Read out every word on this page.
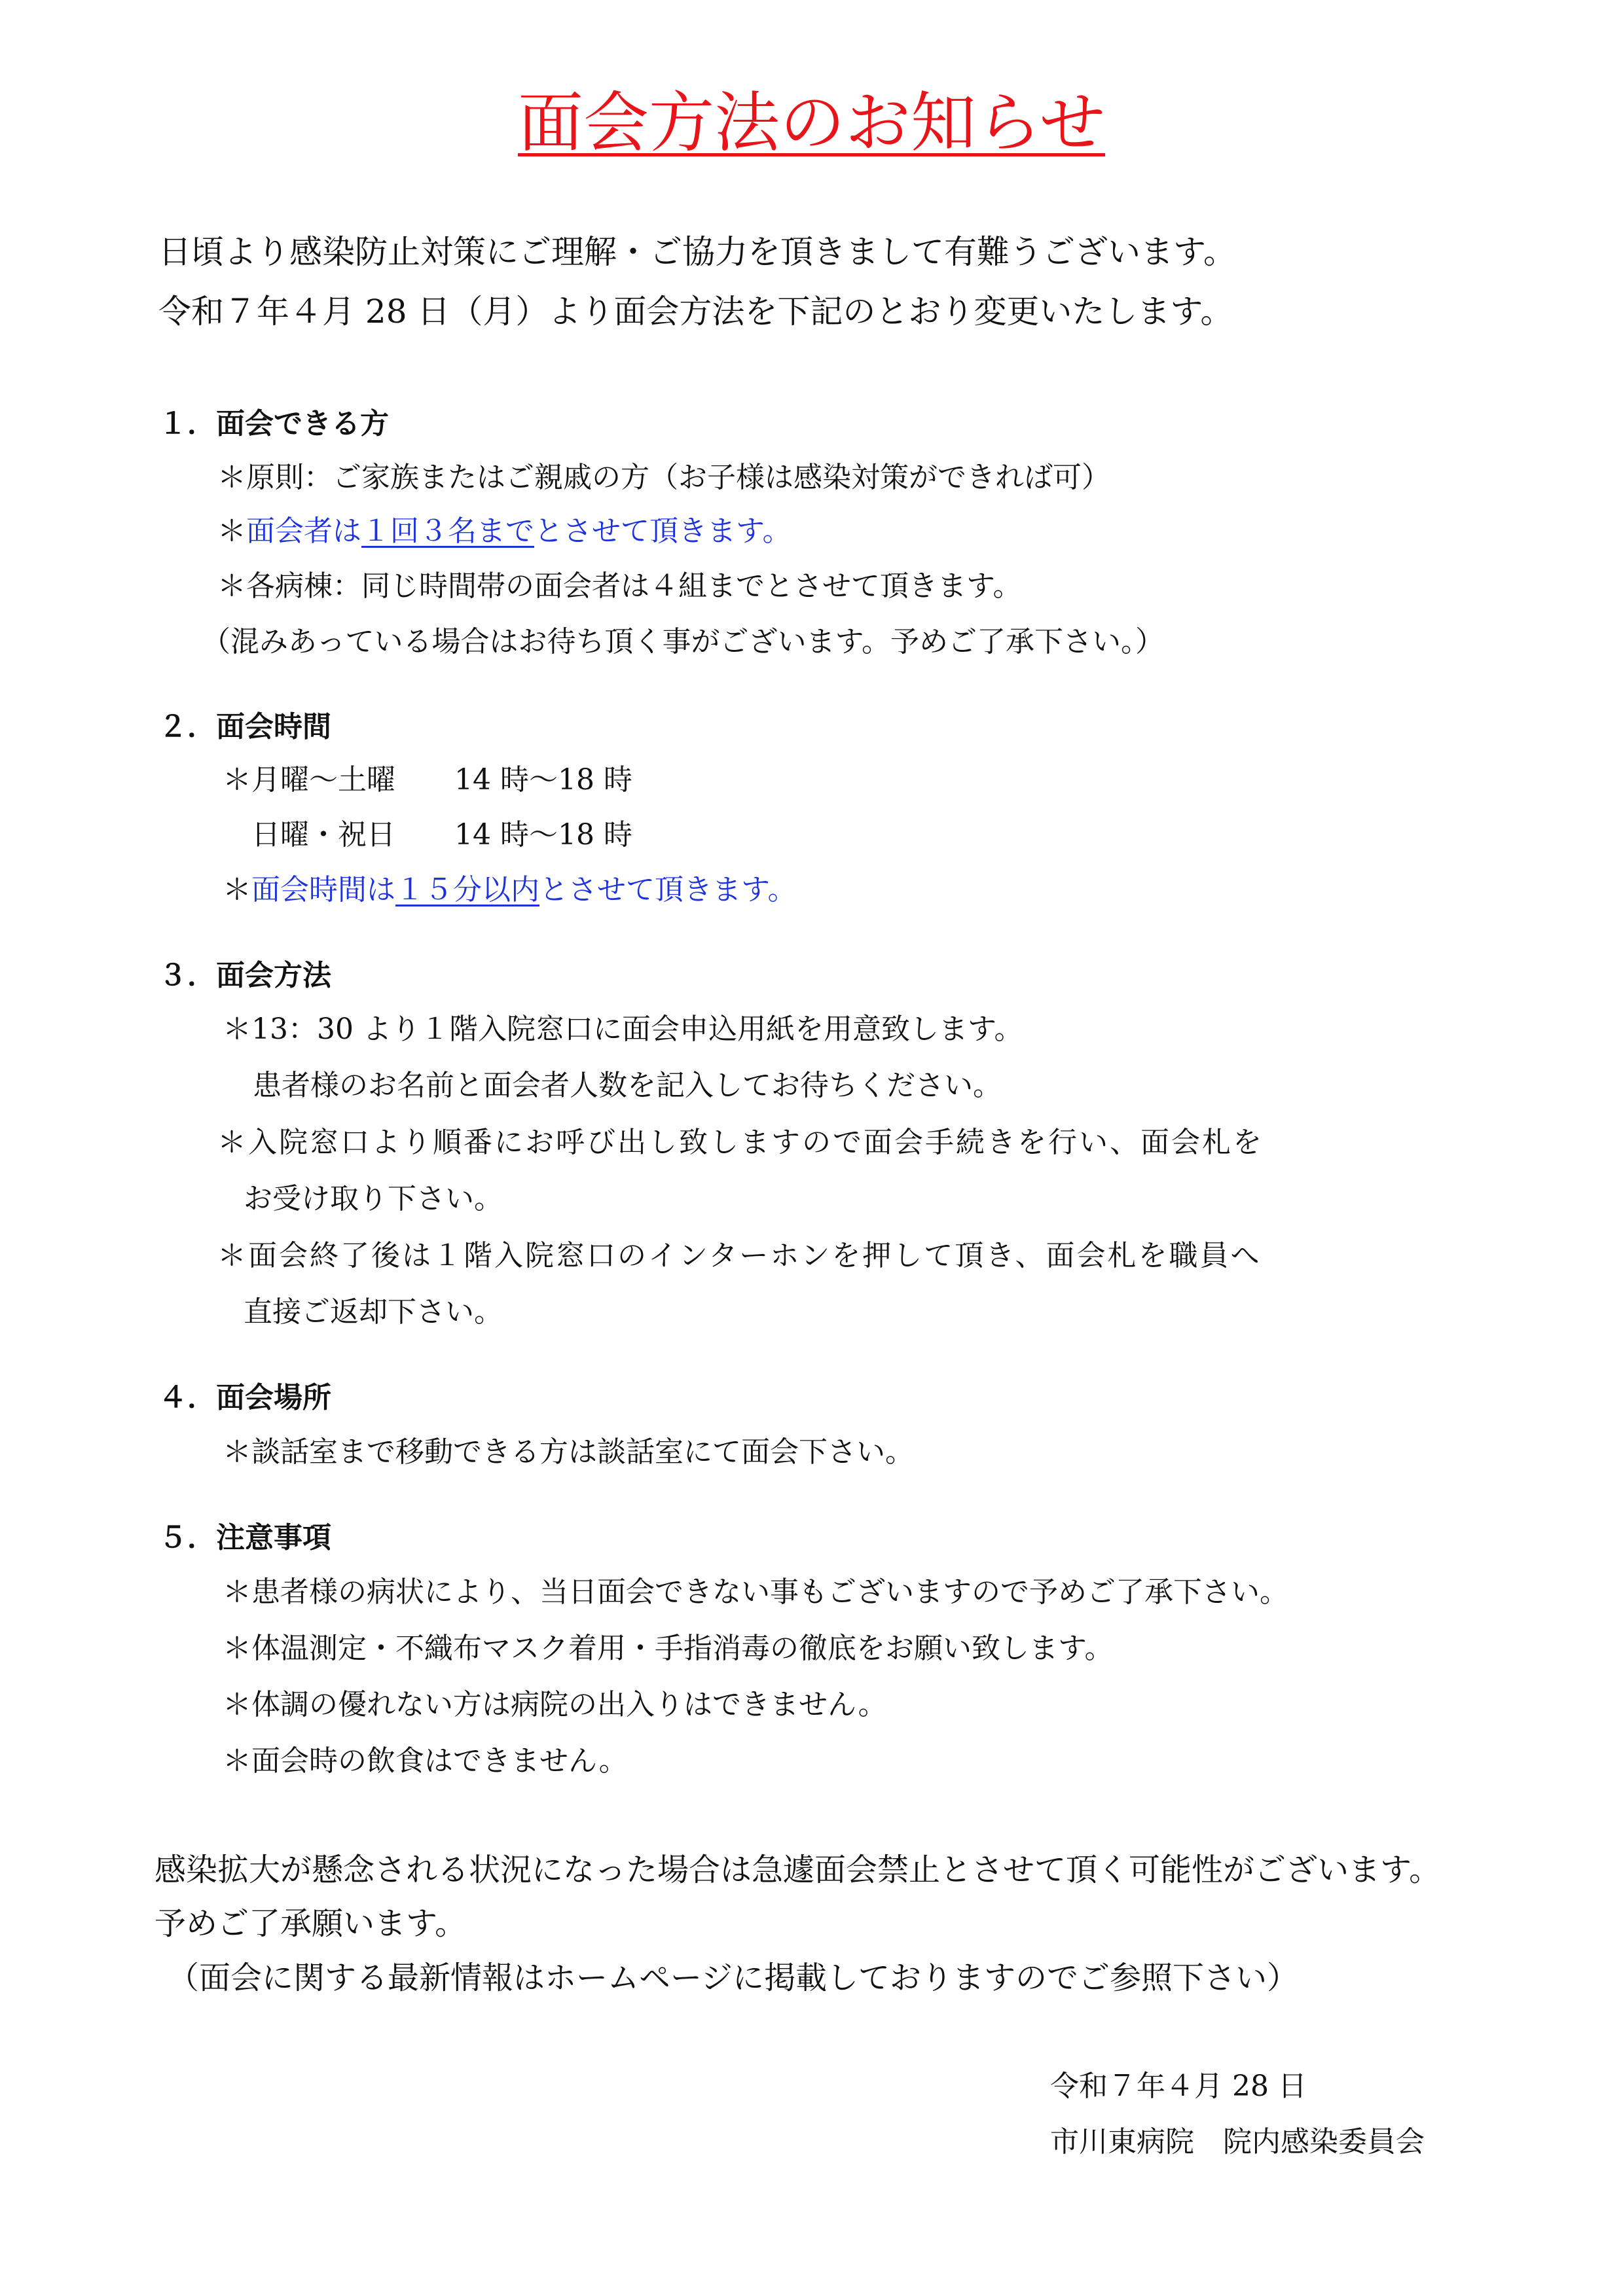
面会方法のお知らせ
日頃より感染防止対策にご理解・ご協力を頂きまして有難うございます。
令和７年４月 28 日（月）より面会方法を下記のとおり変更いたします。
１．面会できる方
＊原則：ご家族またはご親戚の方（お子様は感染対策ができれば可）
＊面会者は１回３名までとさせて頂きます。
＊各病棟：同じ時間帯の面会者は４組までとさせて頂きます。
（混みあっている場合はお待ち頂く事がございます。予めご了承下さい。）
２．面会時間
＊月曜〜土曜 14 時〜18 時
日曜・祝日 14 時〜18 時
＊面会時間は１５分以内とさせて頂きます。
３．面会方法
＊13：30 より１階入院窓口に面会申込用紙を用意致します。
患者様のお名前と面会者人数を記入してお待ちください。
＊入院窓口より順番にお呼び出し致しますので面会手続きを行い、面会札を
お受け取り下さい。
＊面会終了後は１階入院窓口のインターホンを押して頂き、面会札を職員へ
直接ご返却下さい。
４．面会場所
＊談話室まで移動できる方は談話室にて面会下さい。
５．注意事項
＊患者様の病状により、当日面会できない事もございますので予めご了承下さい。
＊体温測定・不織布マスク着用・手指消毒の徹底をお願い致します。
＊体調の優れない方は病院の出入りはできません。
＊面会時の飲食はできません。
感染拡大が懸念される状況になった場合は急遽面会禁止とさせて頂く可能性がございます。
予めご了承願います。
（面会に関する最新情報はホームページに掲載しておりますのでご参照下さい）
令和７年４月 28 日
市川東病院　院内感染委員会
